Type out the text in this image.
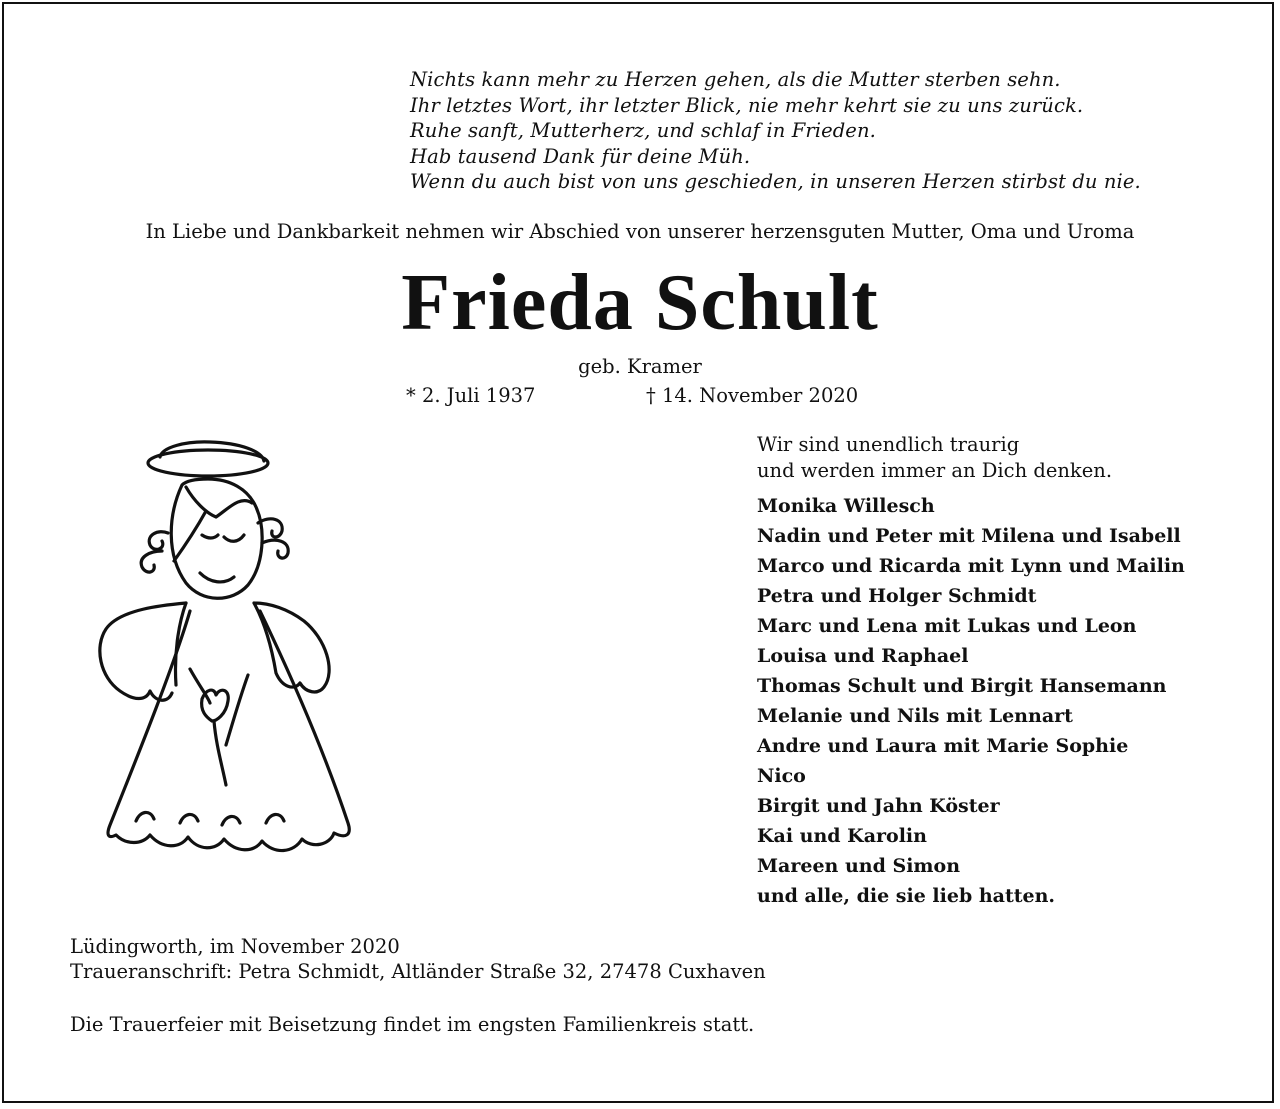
Nichts kann mehr zu Herzen gehen, als die Mutter sterben sehn.
Ihr letztes Wort, ihr letzter Blick, nie mehr kehrt sie zu uns zurück.
Ruhe sanft, Mutterherz, und schlaf in Frieden.
Hab tausend Dank für deine Müh.
Wenn du auch bist von uns geschieden, in unseren Herzen stirbst du nie.
In Liebe und Dankbarkeit nehmen wir Abschied von unserer herzensguten Mutter, Oma und Uroma
Frieda Schult
geb. Kramer
* 2. Juli 1937	† 14. November 2020
Wir sind unendlich traurig
und werden immer an Dich denken.
Monika Willesch
Nadin und Peter mit Milena und Isabell
Marco und Ricarda mit Lynn und Mailin
Petra und Holger Schmidt
Marc und Lena mit Lukas und Leon
Louisa und Raphael
Thomas Schult und Birgit Hansemann
Melanie und Nils mit Lennart
Andre und Laura mit Marie Sophie
Nico
Birgit und Jahn Köster
Kai und Karolin
Mareen und Simon
und alle, die sie lieb hatten.
Lüdingworth, im November 2020
Traueranschrift: Petra Schmidt, Altländer Straße 32, 27478 Cuxhaven
Die Trauerfeier mit Beisetzung findet im engsten Familienkreis statt.
